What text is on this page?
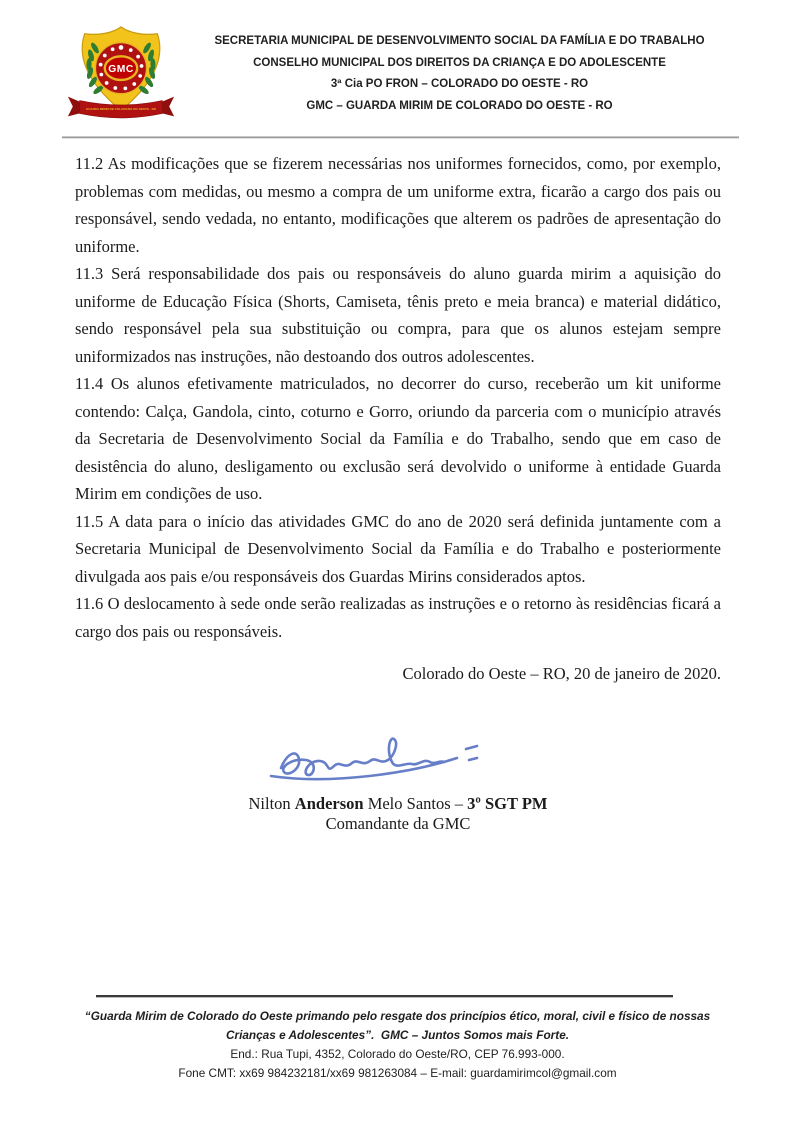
GMC
GUARDA MIRIM DE COLORADO DO OESTE - RO
SECRETARIA MUNICIPAL DE DESENVOLVIMENTO SOCIAL DA FAMÍLIA E DO TRABALHO
CONSELHO MUNICIPAL DOS DIREITOS DA CRIANÇA E DO ADOLESCENTE
3ª Cia PO FRON – COLORADO DO OESTE - RO
GMC – GUARDA MIRIM DE COLORADO DO OESTE - RO

11.2 As modificações que se fizerem necessárias nos uniformes fornecidos, como, por exemplo, problemas com medidas, ou mesmo a compra de um uniforme extra, ficarão a cargo dos pais ou responsável, sendo vedada, no entanto, modificações que alterem os padrões de apresentação do uniforme.

11.3 Será responsabilidade dos pais ou responsáveis do aluno guarda mirim a aquisição do uniforme de Educação Física (Shorts, Camiseta, tênis preto e meia branca) e material didático, sendo responsável pela sua substituição ou compra, para que os alunos estejam sempre uniformizados nas instruções, não destoando dos outros adolescentes.

11.4 Os alunos efetivamente matriculados, no decorrer do curso, receberão um kit uniforme contendo: Calça, Gandola, cinto, coturno e Gorro, oriundo da parceria com o município através da Secretaria de Desenvolvimento Social da Família e do Trabalho, sendo que em caso de desistência do aluno, desligamento ou exclusão será devolvido o uniforme à entidade Guarda Mirim em condições de uso.

11.5 A data para o início das atividades GMC do ano de 2020 será definida juntamente com a Secretaria Municipal de Desenvolvimento Social da Família e do Trabalho e posteriormente divulgada aos pais e/ou responsáveis dos Guardas Mirins considerados aptos.

11.6 O deslocamento à sede onde serão realizadas as instruções e o retorno às residências ficará a cargo dos pais ou responsáveis.

Colorado do Oeste – RO, 20 de janeiro de 2020.
Nilton Anderson Melo Santos – 3º SGT PM
Comandante da GMC
“Guarda Mirim de Colorado do Oeste primando pelo resgate dos princípios ético, moral, civil e físico de nossas Crianças e Adolescentes”.  GMC – Juntos Somos mais Forte.
End.: Rua Tupi, 4352, Colorado do Oeste/RO, CEP 76.993-000.
Fone CMT: xx69 984232181/xx69 981263084 – E-mail: guardamirimcol@gmail.com
